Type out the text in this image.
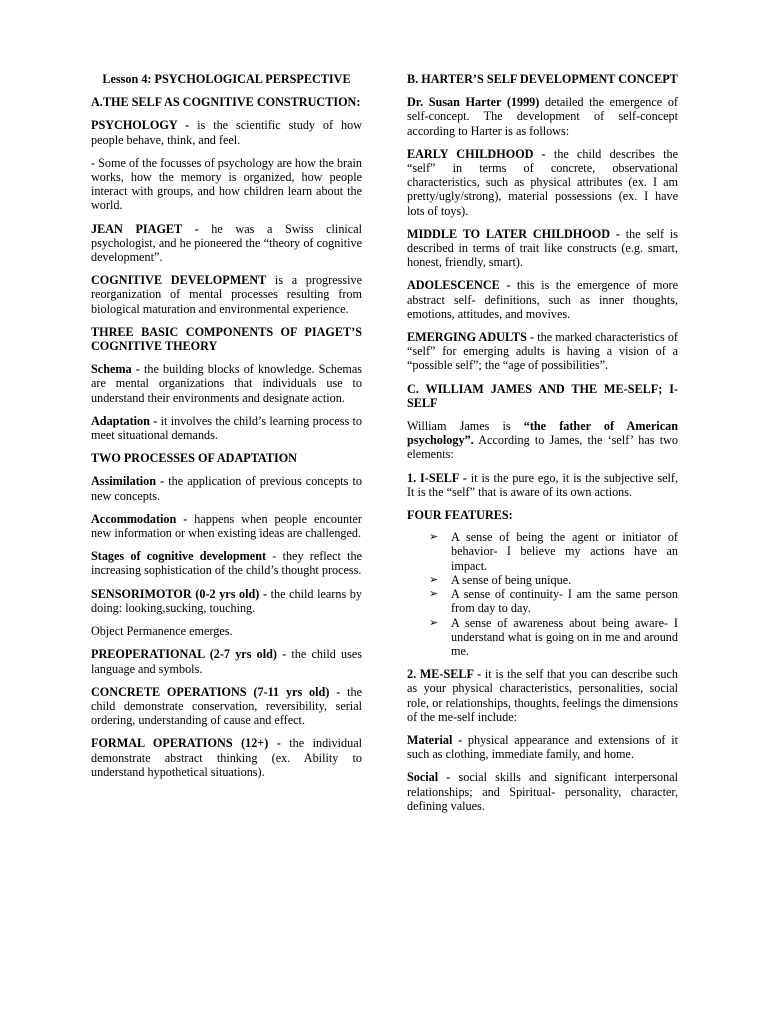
Lesson 4: PSYCHOLOGICAL PERSPECTIVE

A.THE SELF AS COGNITIVE CONSTRUCTION:

PSYCHOLOGY - is the scientific study of how people behave, think, and feel.

- Some of the focusses of psychology are how the brain works, how the memory is organized, how people interact with groups, and how children learn about the world.

JEAN PIAGET - he was a Swiss clinical psychologist, and he pioneered the “theory of cognitive development”.

COGNITIVE DEVELOPMENT is a progressive reorganization of mental processes resulting from biological maturation and environmental experience.

THREE BASIC COMPONENTS OF PIAGET’S COGNITIVE THEORY

Schema - the building blocks of knowledge. Schemas are mental organizations that individuals use to understand their environments and designate action.

Adaptation - it involves the child’s learning process to meet situational demands.

TWO PROCESSES OF ADAPTATION

Assimilation - the application of previous concepts to new concepts.

Accommodation - happens when people encounter new information or when existing ideas are challenged.

Stages of cognitive development - they reflect the increasing sophistication of the child’s thought process.

SENSORIMOTOR (0-2 yrs old) - the child learns by doing: looking,sucking, touching.

Object Permanence emerges.

PREOPERATIONAL (2-7 yrs old) - the child uses language and symbols.

CONCRETE OPERATIONS (7-11 yrs old) - the child demonstrate conservation, reversibility, serial ordering, understanding of cause and effect.

FORMAL OPERATIONS (12+) - the individual demonstrate abstract thinking (ex. Ability to understand hypothetical situations).

B. HARTER’S SELF DEVELOPMENT CONCEPT

Dr. Susan Harter (1999) detailed the emergence of self-concept. The development of self-concept according to Harter is as follows:

EARLY CHILDHOOD - the child describes the “self” in terms of concrete, observational characteristics, such as physical attributes (ex. I am pretty/ugly/strong), material possessions (ex. I have lots of toys).

MIDDLE TO LATER CHILDHOOD - the self is described in terms of trait like constructs (e.g. smart, honest, friendly, smart).

ADOLESCENCE - this is the emergence of more abstract self- definitions, such as inner thoughts, emotions, attitudes, and movives.

EMERGING ADULTS - the marked characteristics of “self” for emerging adults is having a vision of a “possible self”; the “age of possibilities”.

C. WILLIAM JAMES AND THE ME-SELF; I-SELF

William James is “the father of American psychology”. According to James, the ‘self’ has two elements:

1. I-SELF - it is the pure ego, it is the subjective self, It is the “self” that is aware of its own actions.

FOUR FEATURES:

➢ A sense of being the agent or initiator of behavior- I believe my actions have an impact.
➢ A sense of being unique.
➢ A sense of continuity- I am the same person from day to day.
➢ A sense of awareness about being aware- I understand what is going on in me and around me.

2. ME-SELF - it is the self that you can describe such as your physical characteristics, personalities, social role, or relationships, thoughts, feelings the dimensions of the me-self include:

Material - physical appearance and extensions of it such as clothing, immediate family, and home.

Social - social skills and significant interpersonal relationships; and Spiritual- personality, character, defining values.
